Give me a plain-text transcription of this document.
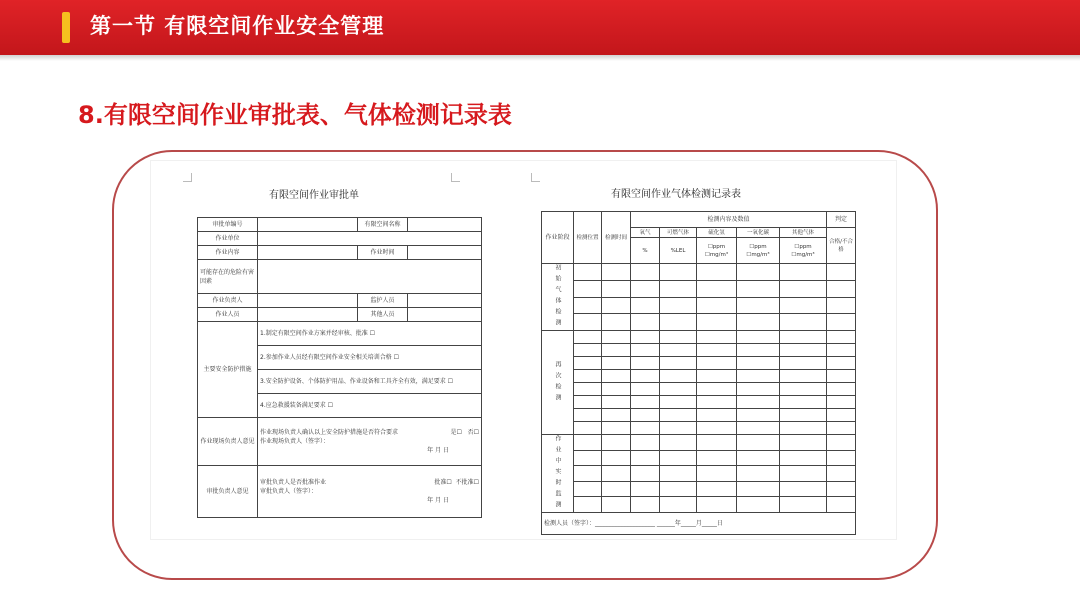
第一节 有限空间作业安全管理
8.有限空间作业审批表、气体检测记录表
有限空间作业审批单
审批单编号		有限空间名称	
作业单位			
作业内容		作业时间	
可能存在的危险有害因素			
作业负责人		监护人员	
作业人员		其他人员	
主要安全防护措施	1.制定有限空间作业方案并经审核、批准 ☐		
	2.参加作业人员经有限空间作业安全相关培训合格 ☐		
	3.安全防护设备、个体防护用品、作业设备和工具齐全有效，满足要求 ☐		
	4.应急救援装备满足要求 ☐		
作业现场负责人意见	作业现场负责人确认以上安全防护措施是否符合要求 是☐ 否☐
作业现场负责人（签字）：
年 月 日		

审批负责人意见	审批负责人是否批准作业 批准☐ 不批准☐
审批负责人（签字）：
年 月 日		
有限空间作业气体检测记录表
作业阶段	检测位置	检测时间	检测内容及数值					判定
			氧气	可燃气体	硫化氢	一氧化碳	其他气体	合格/不合格
			%	%LEL	☐ppm ☐mg/m³	☐ppm ☐mg/m³	☐ppm ☐mg/m³	
初始气体检测								

再次检测								

作业中实时监测								

检测人员（签字）：____________________ ______年_____月_____日								
